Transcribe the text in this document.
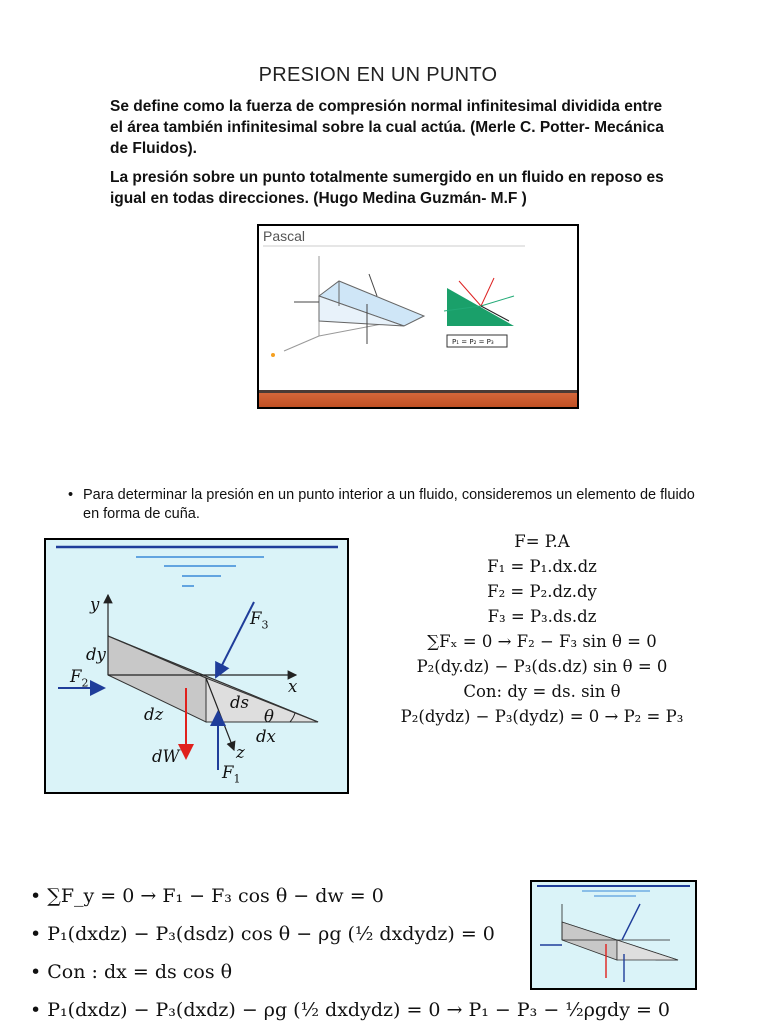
PRESION EN UN PUNTO
Se define como la fuerza de compresión normal infinitesimal dividida entre el área también infinitesimal sobre la cual actúa. (Merle C. Potter- Mecánica de Fluidos).
La presión sobre un punto totalmente sumergido en un fluido en reposo es igual en todas direcciones. (Hugo Medina Guzmán- M.F )
Pascal
P₁ = P₂ = P₃
• Para determinar la presión en un punto interior a un fluido, consideremos un elemento de fluido en forma de cuña.
y
dy
$F_2$
dz
dW	z
$F_1$
$F_3$
x
ds
θ
dx
F= P.A
F₁ = P₁.dx.dz
F₂ = P₂.dz.dy
F₃ = P₃.ds.dz
∑Fₓ = 0 → F₂ − F₃ sin θ = 0
P₂(dy.dz) − P₃(ds.dz) sin θ = 0
Con: dy = ds. sin θ
P₂(dydz) − P₃(dydz) = 0 → P₂ = P₃
• ∑F_y = 0 → F₁ − F₃ cos θ − dw = 0
• P₁(dxdz) − P₃(dsdz) cos θ − ρg (½ dxdydz) = 0
• Con : dx = ds cos θ
• P₁(dxdz) − P₃(dxdz) − ρg (½ dxdydz) = 0 → P₁ − P₃ − ½ρgdy = 0
